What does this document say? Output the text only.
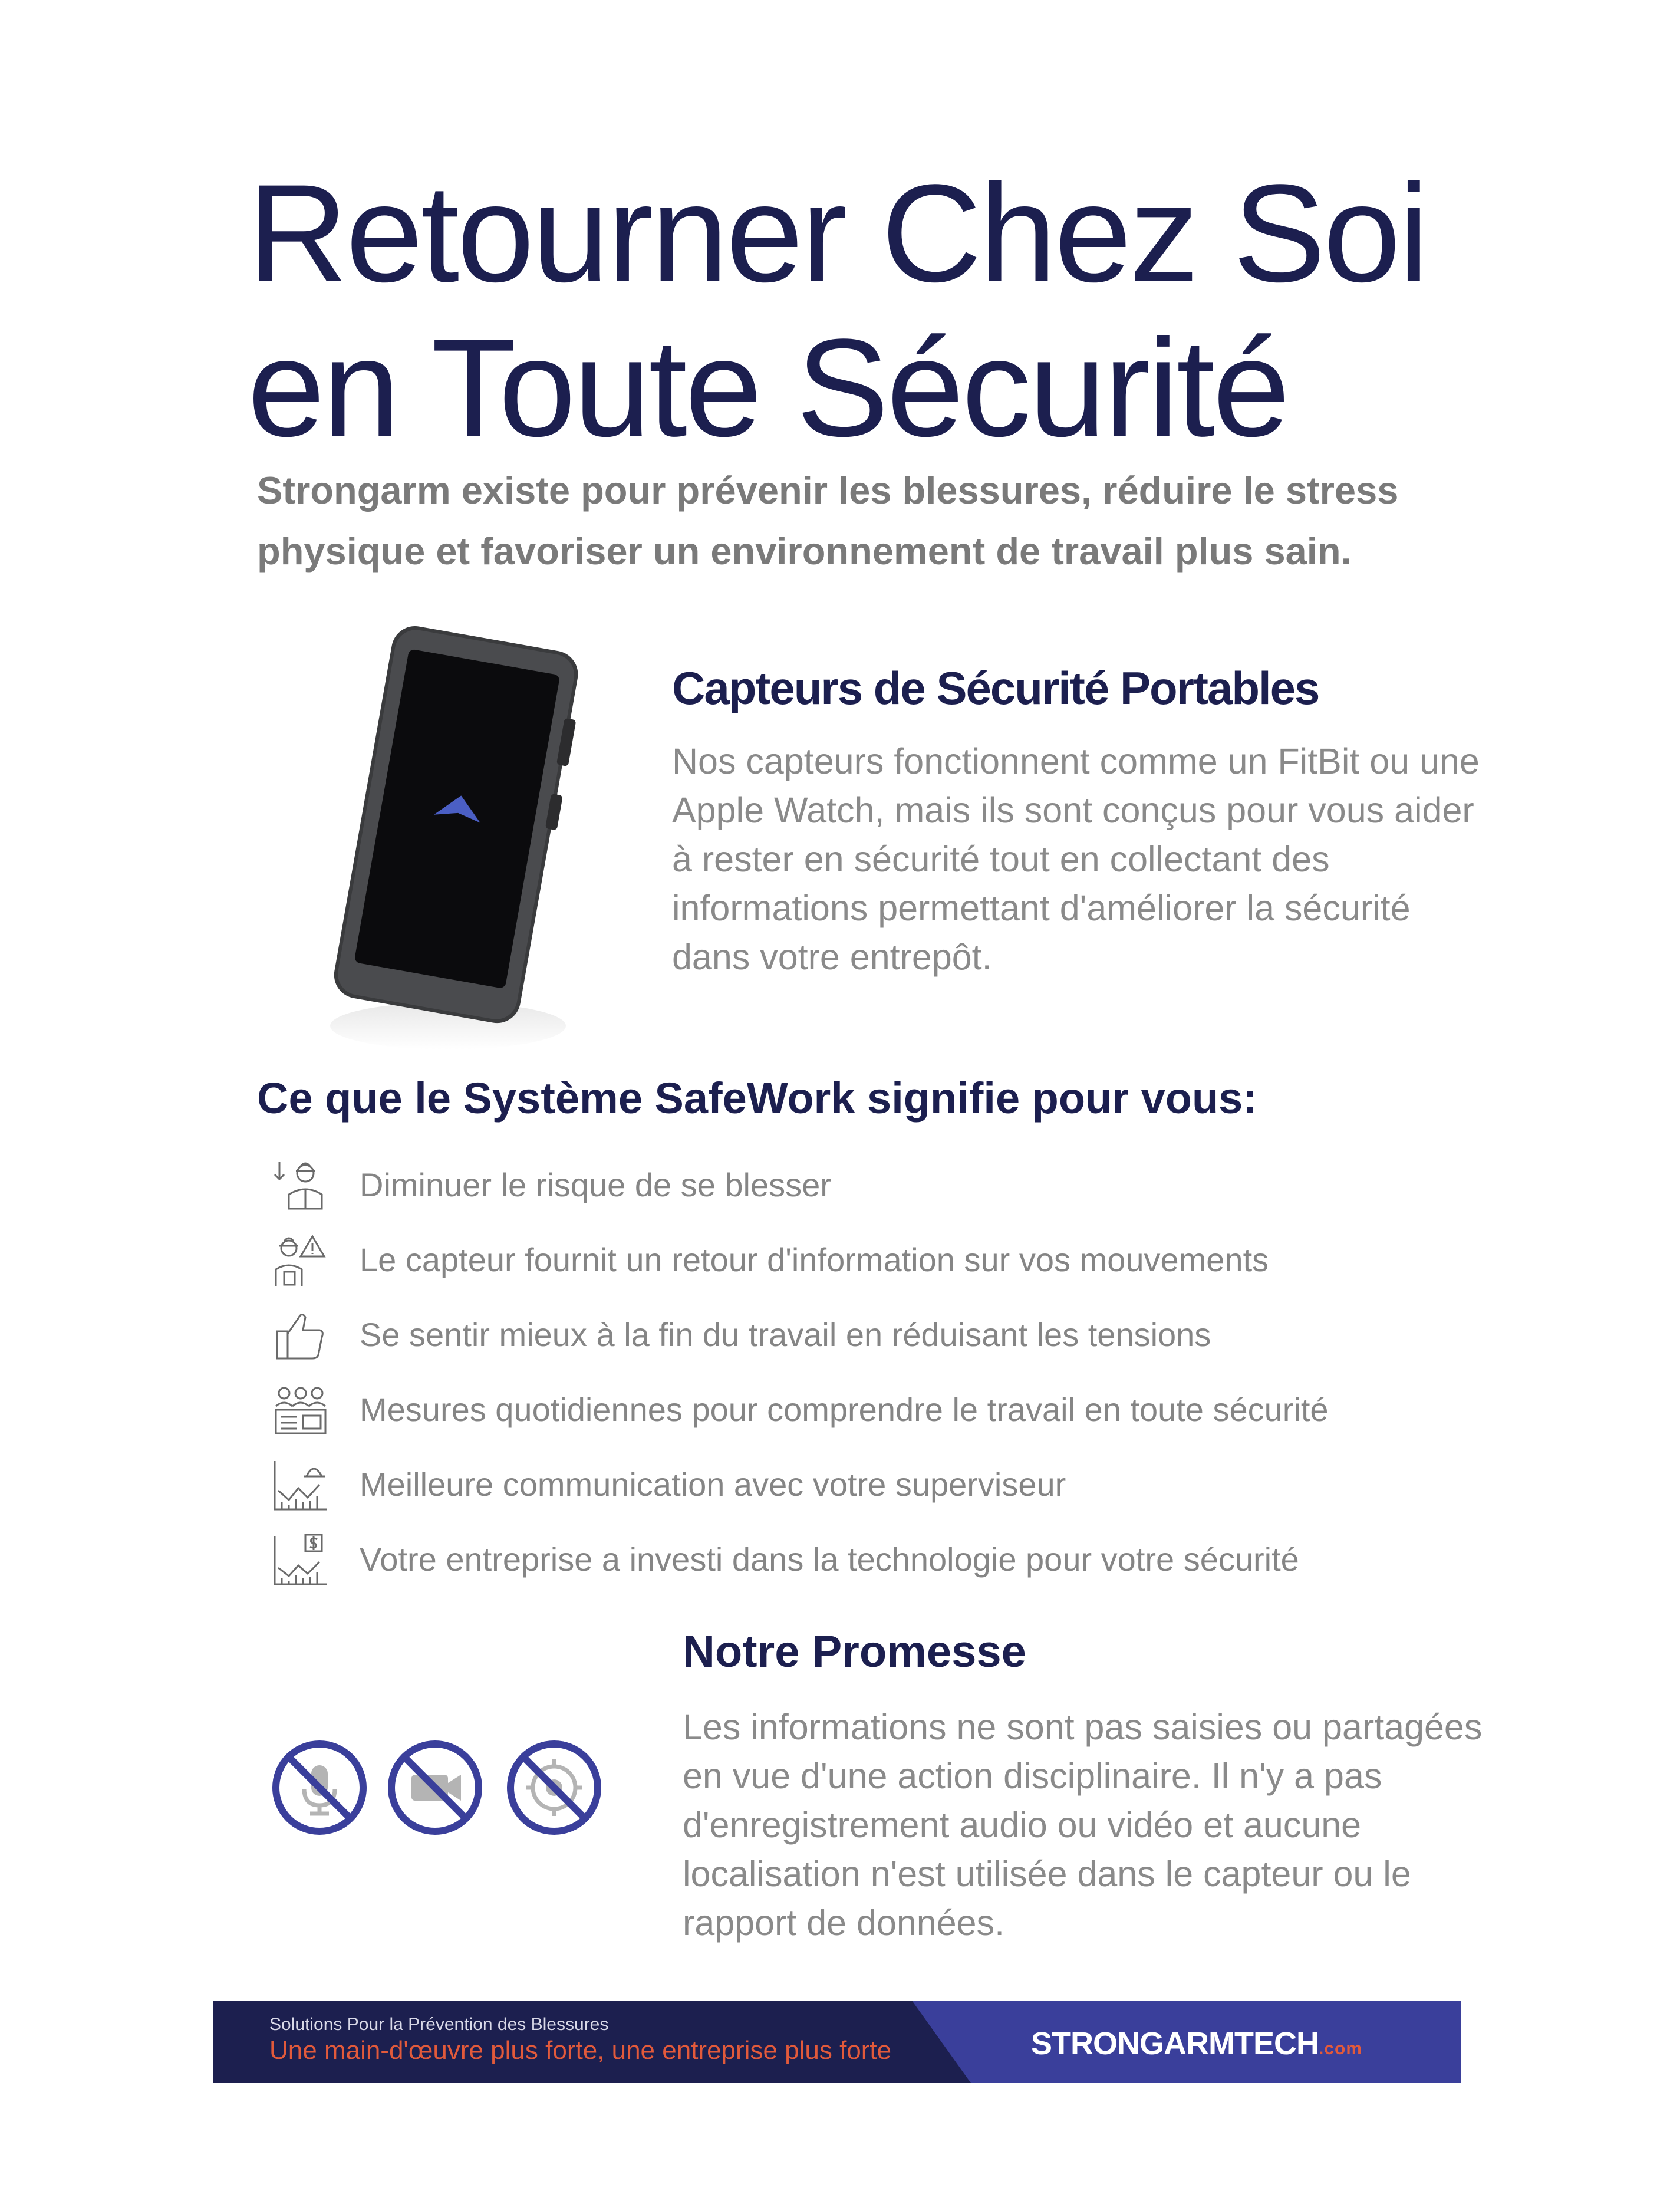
Retourner Chez Soi
en Toute Sécurité
Strongarm existe pour prévenir les blessures, réduire le stress physique et favoriser un environnement de travail plus sain.
Capteurs de Sécurité Portables
Nos capteurs fonctionnent comme un FitBit ou une Apple Watch, mais ils sont conçus pour vous aider à rester en sécurité tout en collectant des informations permettant d'améliorer la sécurité dans votre entrepôt.
Ce que le Système SafeWork signifie pour vous:
Diminuer le risque de se blesser
Le capteur fournit un retour d'information sur vos mouvements
Se sentir mieux à la fin du travail en réduisant les tensions
Mesures quotidiennes pour comprendre le travail en toute sécurité
Meilleure communication avec votre superviseur
Votre entreprise a investi dans la technologie pour votre sécurité
Notre Promesse
Les informations ne sont pas saisies ou partagées en vue d'une action disciplinaire. Il n'y a pas d'enregistrement audio ou vidéo et aucune localisation n'est utilisée dans le capteur ou le rapport de données.
Solutions Pour la Prévention des Blessures
Une main-d'œuvre plus forte, une entreprise plus forte	STRONGARMTECH.com
